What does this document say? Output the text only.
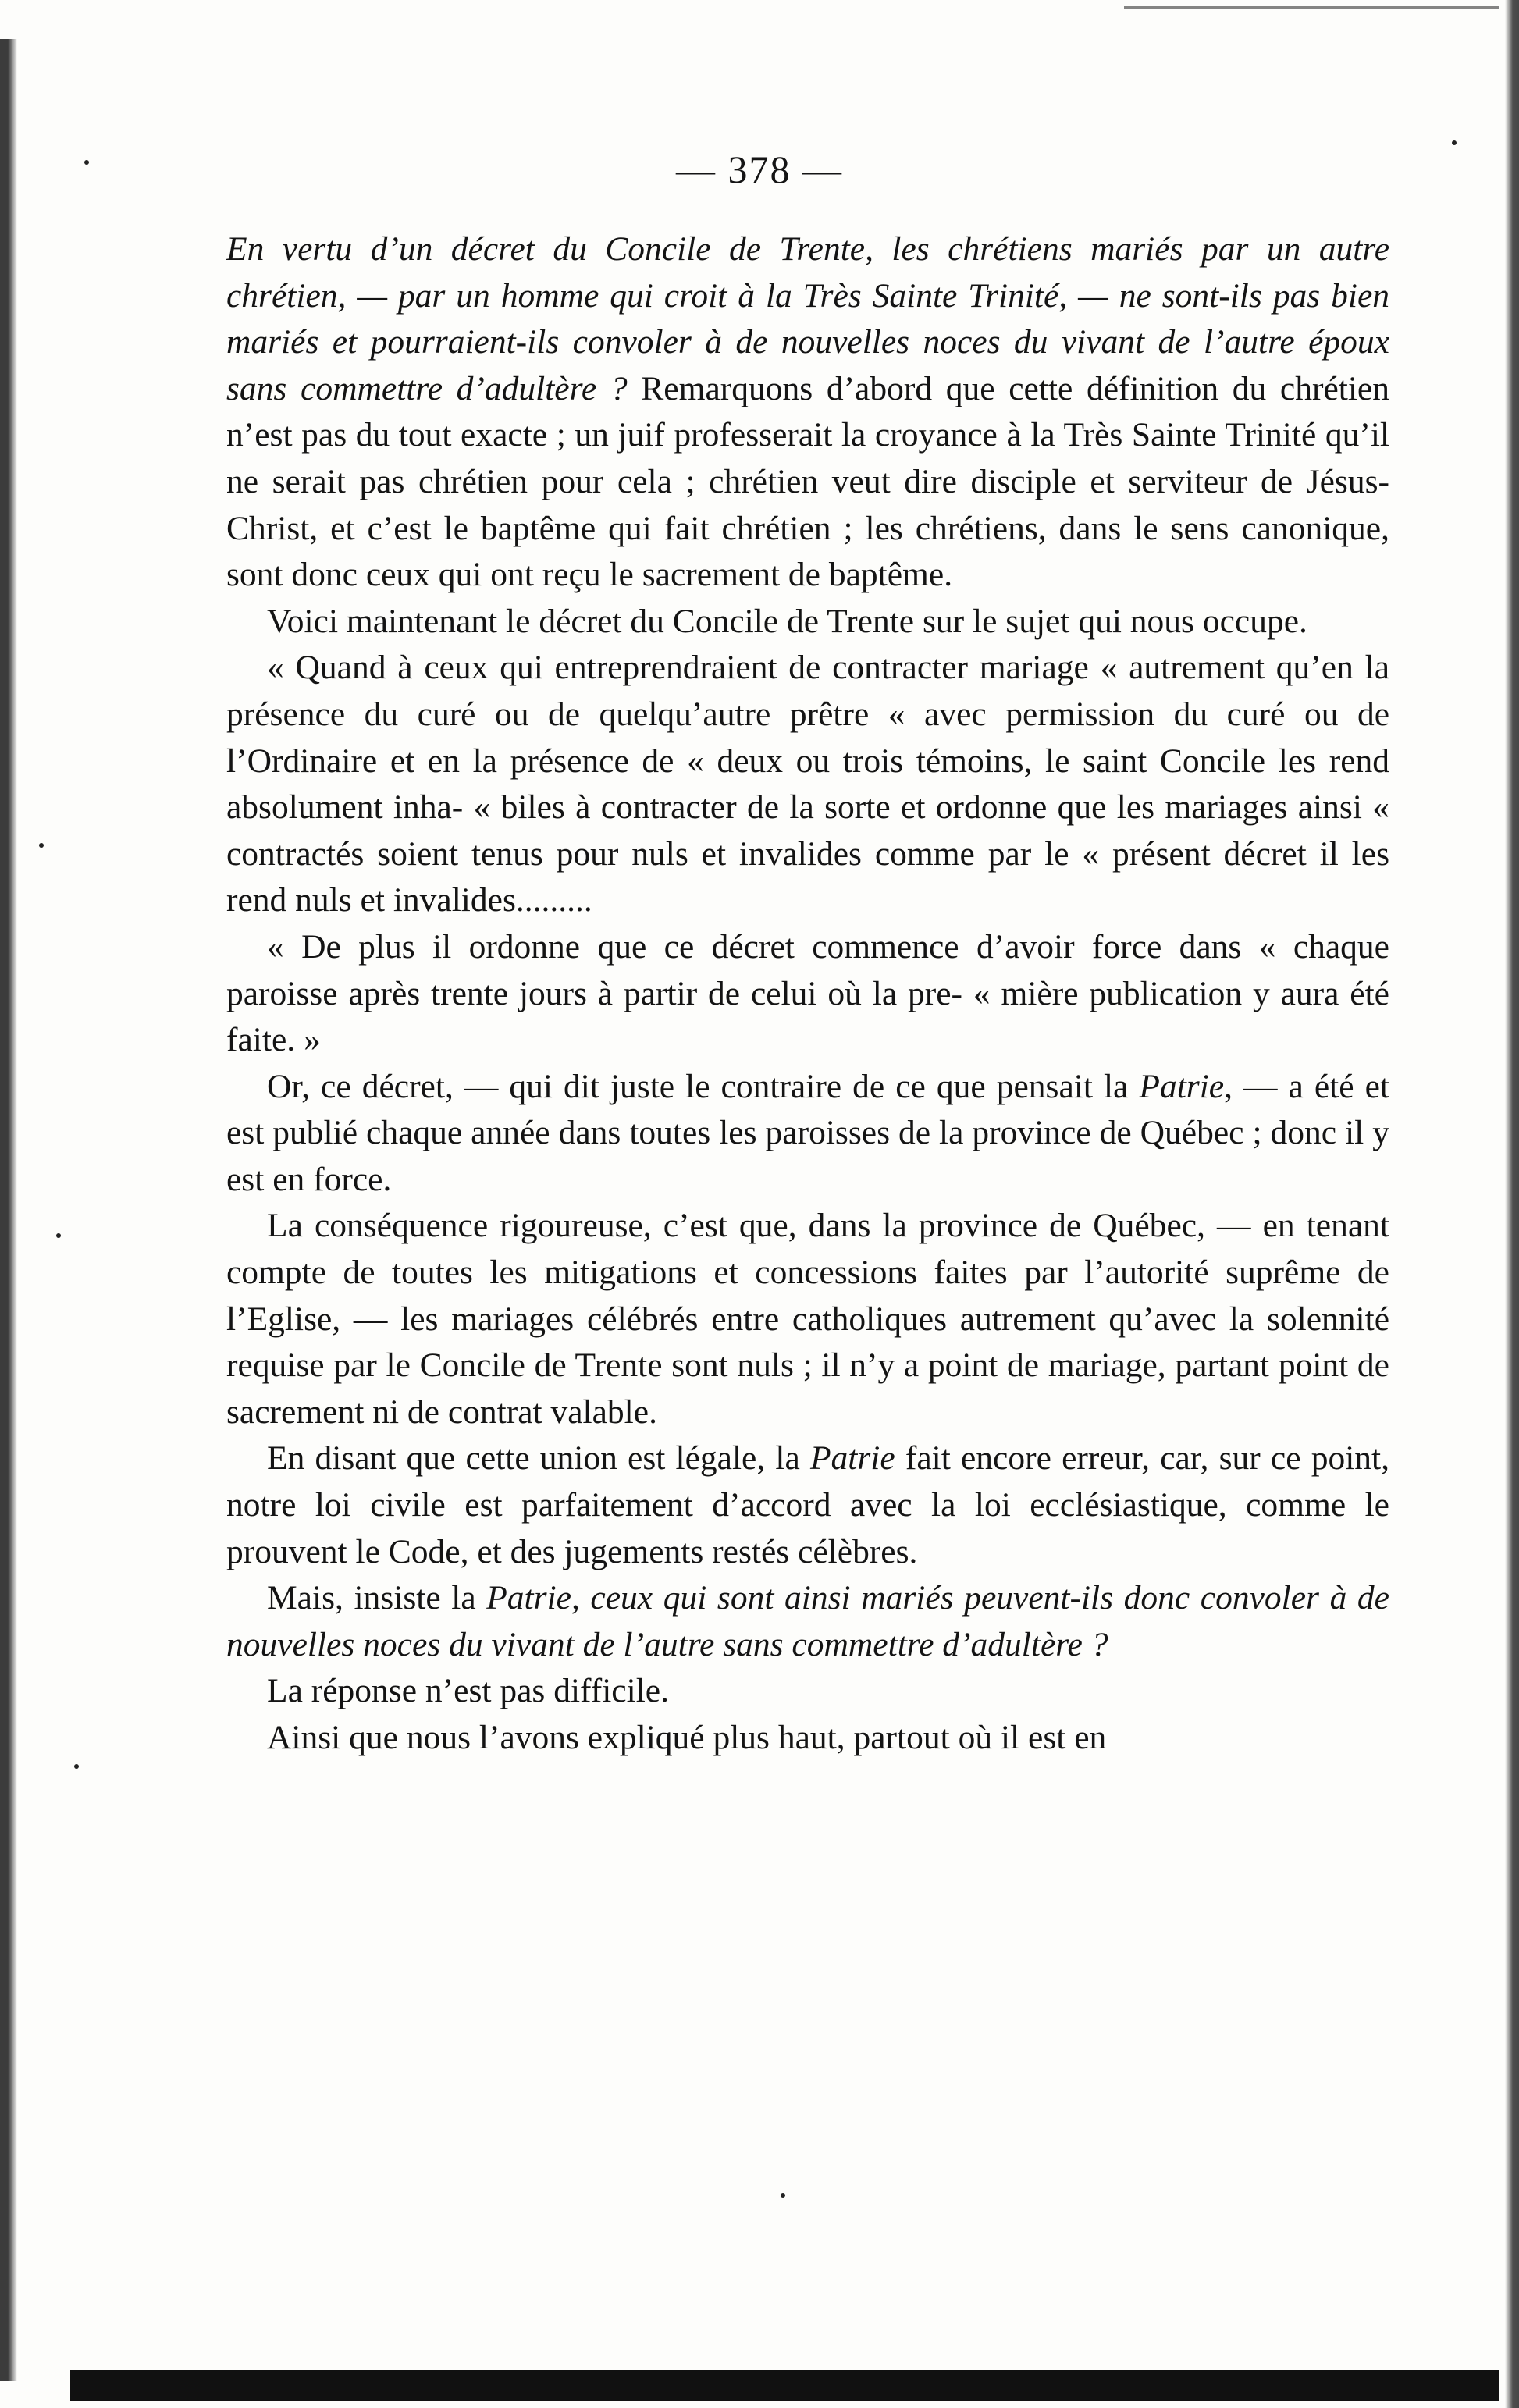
— 378 —

En vertu d’un décret du Concile de Trente, les chrétiens mariés par un autre chrétien, — par un homme qui croit à la Très Sainte Trinité, — ne sont-ils pas bien mariés et pourraient-ils convoler à de nouvelles noces du vivant de l’autre époux sans commettre d’adultère ? Remarquons d’abord que cette définition du chrétien n’est pas du tout exacte ; un juif professerait la croyance à la Très Sainte Trinité qu’il ne serait pas chrétien pour cela ; chrétien veut dire disciple et serviteur de Jésus-Christ, et c’est le baptême qui fait chrétien ; les chrétiens, dans le sens canonique, sont donc ceux qui ont reçu le sacrement de baptême.

Voici maintenant le décret du Concile de Trente sur le sujet qui nous occupe.

« Quand à ceux qui entreprendraient de contracter mariage « autrement qu’en la présence du curé ou de quelqu’autre prêtre « avec permission du curé ou de l’Ordinaire et en la présence de « deux ou trois témoins, le saint Concile les rend absolument inha- « biles à contracter de la sorte et ordonne que les mariages ainsi « contractés soient tenus pour nuls et invalides comme par le « présent décret il les rend nuls et invalides.........

« De plus il ordonne que ce décret commence d’avoir force dans « chaque paroisse après trente jours à partir de celui où la pre- « mière publication y aura été faite. »

Or, ce décret, — qui dit juste le contraire de ce que pensait la Patrie, — a été et est publié chaque année dans toutes les paroisses de la province de Québec ; donc il y est en force.

La conséquence rigoureuse, c’est que, dans la province de Québec, — en tenant compte de toutes les mitigations et concessions faites par l’autorité suprême de l’Eglise, — les mariages célébrés entre catholiques autrement qu’avec la solennité requise par le Concile de Trente sont nuls ; il n’y a point de mariage, partant point de sacrement ni de contrat valable.

En disant que cette union est légale, la Patrie fait encore erreur, car, sur ce point, notre loi civile est parfaitement d’accord avec la loi ecclésiastique, comme le prouvent le Code, et des jugements restés célèbres.

Mais, insiste la Patrie, ceux qui sont ainsi mariés peuvent-ils donc convoler à de nouvelles noces du vivant de l’autre sans commettre d’adultère ?

La réponse n’est pas difficile.

Ainsi que nous l’avons expliqué plus haut, partout où il est en
